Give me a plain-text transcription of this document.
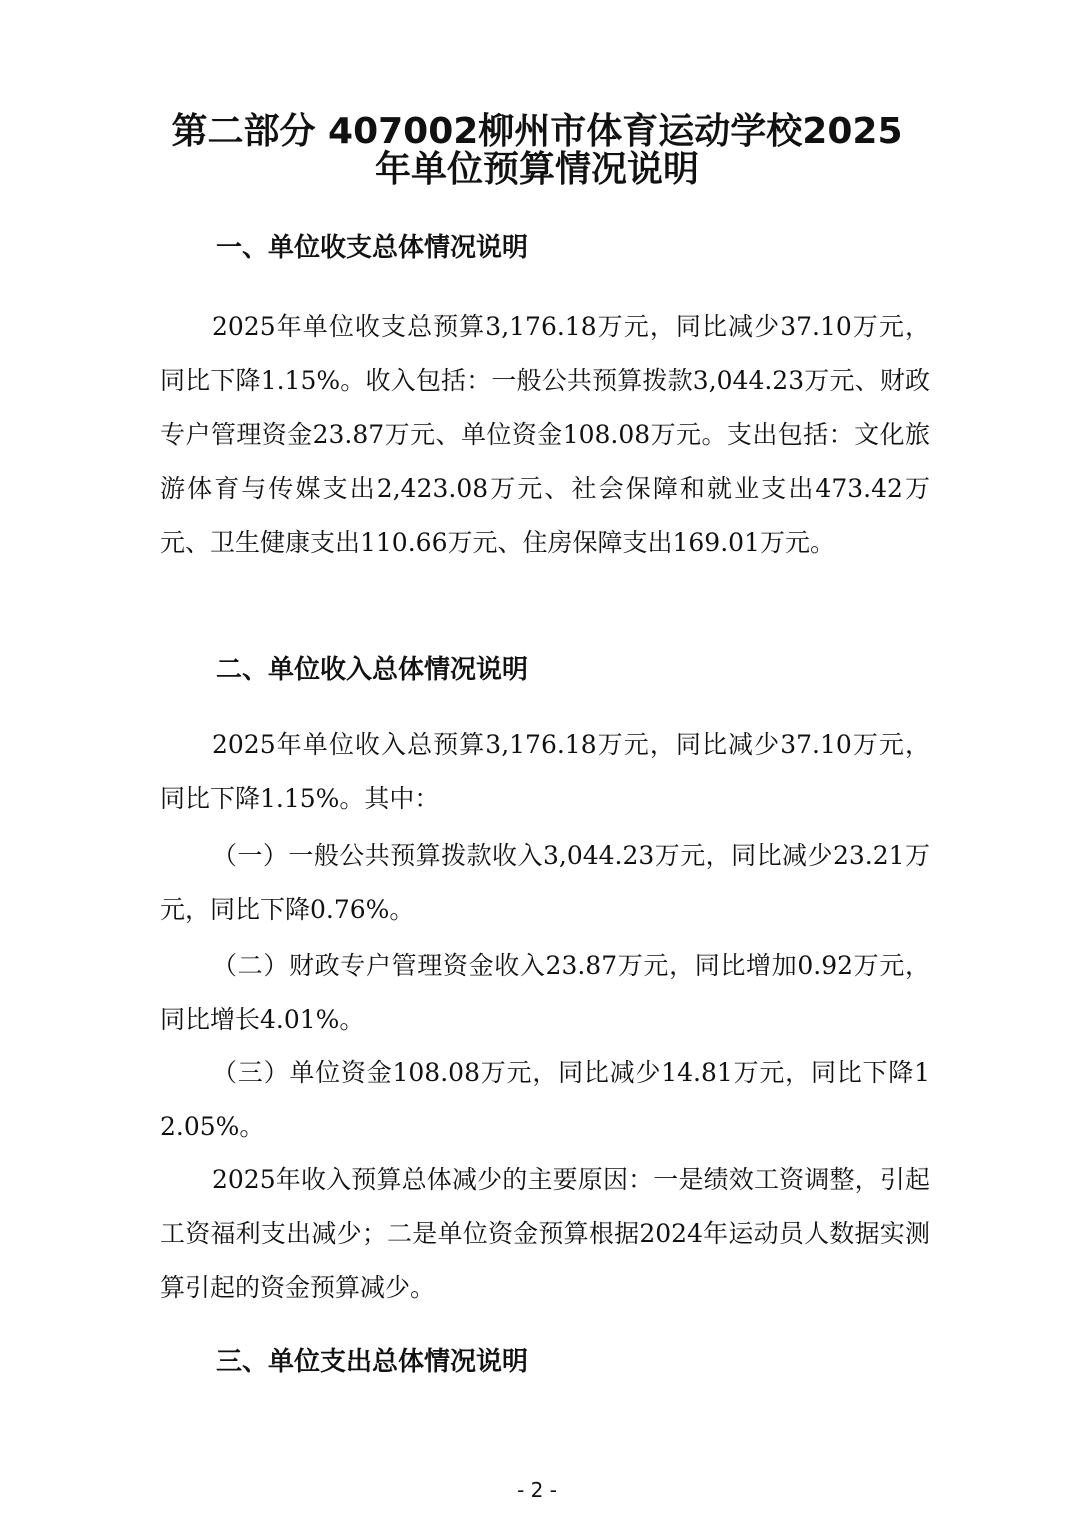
第二部分 407002柳州市体育运动学校2025
年单位预算情况说明
一、单位收支总体情况说明

2025年单位收支总预算3,176.18万元，同比减少37.10万元，同比下降1.15%。收入包括：一般公共预算拨款3,044.23万元、财政专户管理资金23.87万元、单位资金108.08万元。支出包括：文化旅游体育与传媒支出2,423.08万元、社会保障和就业支出473.42万元、卫生健康支出110.66万元、住房保障支出169.01万元。

二、单位收入总体情况说明

2025年单位收入总预算3,176.18万元，同比减少37.10万元，同比下降1.15%。其中：

（一）一般公共预算拨款收入3,044.23万元，同比减少23.21万元，同比下降0.76%。

（二）财政专户管理资金收入23.87万元，同比增加0.92万元，同比增长4.01%。

（三）单位资金108.08万元，同比减少14.81万元，同比下降12.05%。

2025年收入预算总体减少的主要原因：一是绩效工资调整，引起工资福利支出减少；二是单位资金预算根据2024年运动员人数据实测算引起的资金预算减少。

三、单位支出总体情况说明
- 2 -
